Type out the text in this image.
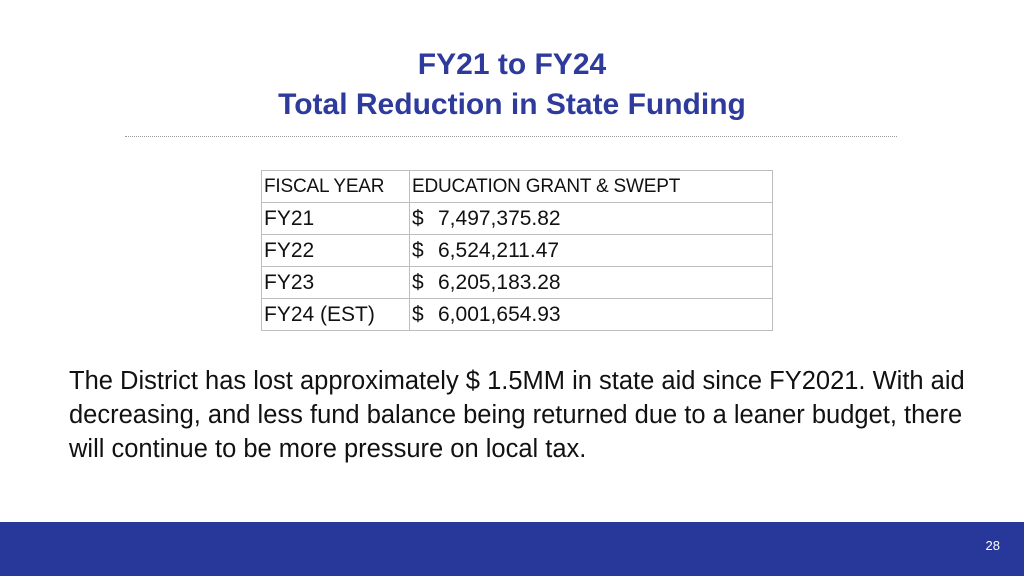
FY21 to FY24
Total Reduction in State Funding
FISCAL YEAR	EDUCATION GRANT & SWEPT
FY21	$ 7,497,375.82
FY22	$ 6,524,211.47
FY23	$ 6,205,183.28
FY24 (EST)	$ 6,001,654.93

The District has lost approximately $ 1.5MM in state aid since FY2021. With aid decreasing, and less fund balance being returned due to a leaner budget, there will continue to be more pressure on local tax.

28
